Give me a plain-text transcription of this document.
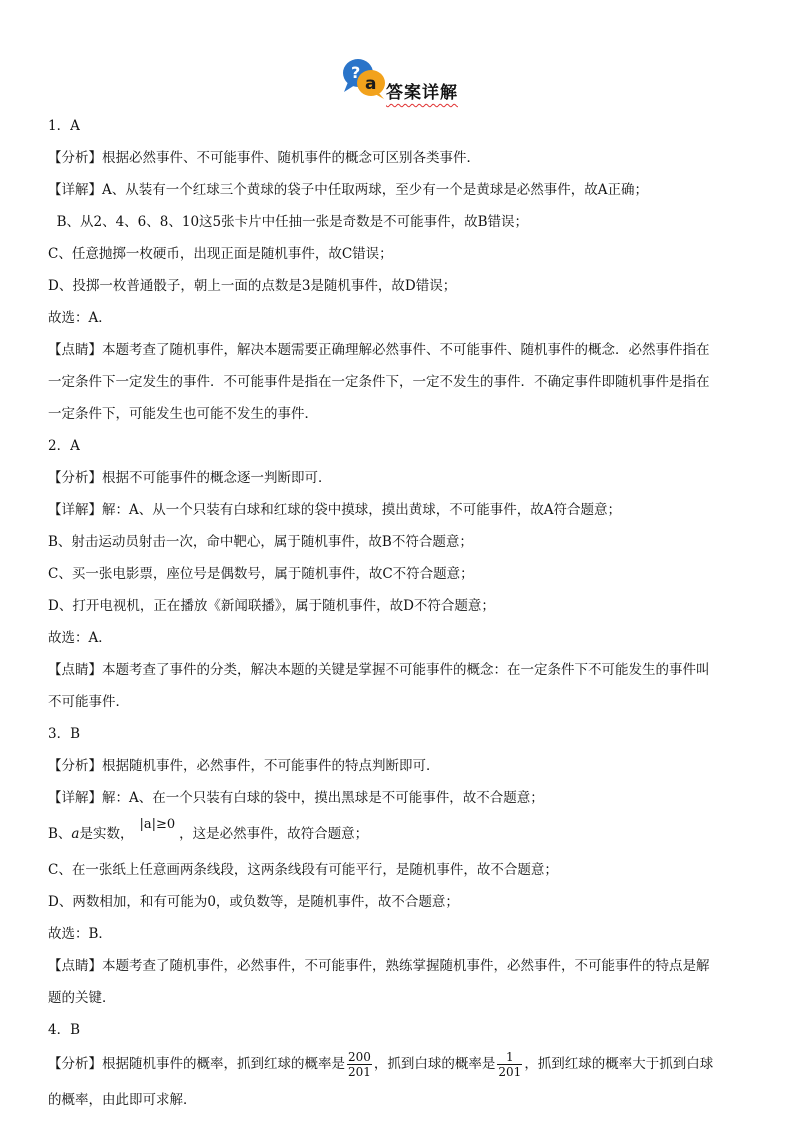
?
a 答案详解
1．A
【分析】根据必然事件、不可能事件、随机事件的概念可区别各类事件．
【详解】A、从装有一个红球三个黄球的袋子中任取两球，至少有一个是黄球是必然事件，故A正确；
B、从2、4、6、8、10这5张卡片中任抽一张是奇数是不可能事件，故B错误；
C、任意抛掷一枚硬币，出现正面是随机事件，故C错误；
D、投掷一枚普通骰子，朝上一面的点数是3是随机事件，故D错误；
故选：A．
【点睛】本题考查了随机事件，解决本题需要正确理解必然事件、不可能事件、随机事件的概念．必然事件指在
一定条件下一定发生的事件．不可能事件是指在一定条件下，一定不发生的事件．不确定事件即随机事件是指在
一定条件下，可能发生也可能不发生的事件．
2．A
【分析】根据不可能事件的概念逐一判断即可．
【详解】解：A、从一个只装有白球和红球的袋中摸球，摸出黄球，不可能事件，故A符合题意；
B、射击运动员射击一次，命中靶心，属于随机事件，故B不符合题意；
C、买一张电影票，座位号是偶数号，属于随机事件，故C不符合题意；
D、打开电视机，正在播放《新闻联播》，属于随机事件，故D不符合题意；
故选：A．
【点睛】本题考查了事件的分类，解决本题的关键是掌握不可能事件的概念：在一定条件下不可能发生的事件叫
不可能事件．
3．B
【分析】根据随机事件，必然事件，不可能事件的特点判断即可．
【详解】解：A、在一个只装有白球的袋中，摸出黑球是不可能事件，故不合题意；
B、a是实数，|a|≥0，这是必然事件，故符合题意；
C、在一张纸上任意画两条线段，这两条线段有可能平行，是随机事件，故不合题意；
D、两数相加，和有可能为0，或负数等，是随机事件，故不合题意；
故选：B．
【点睛】本题考查了随机事件，必然事件，不可能事件，熟练掌握随机事件，必然事件，不可能事件的特点是解
题的关键．
4．B
【分析】根据随机事件的概率，抓到红球的概率是 $\frac{200}{201}$ ，抓到白球的概率是 $\frac{1}{201}$ ，抓到红球的概率大于抓到白球
的概率，由此即可求解．
